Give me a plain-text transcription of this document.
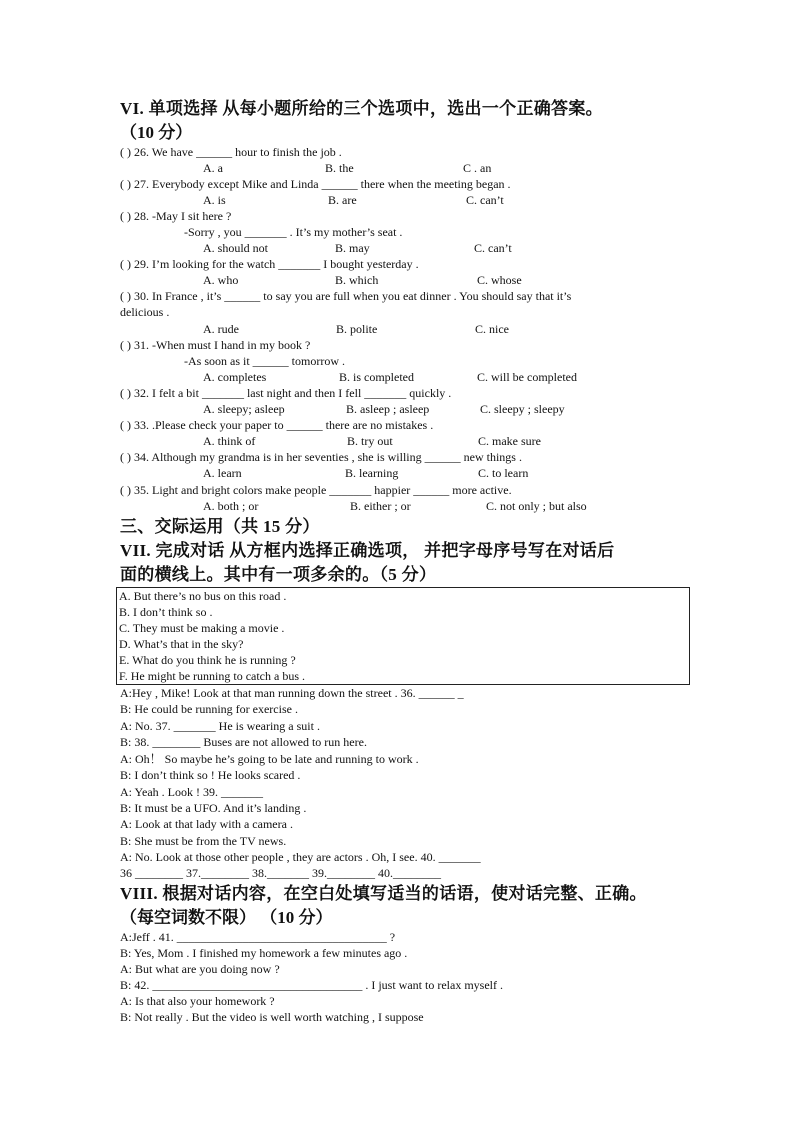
VI. 单项选择 从每小题所给的三个选项中，选出一个正确答案。
（10 分）
( ) 26. We have ______ hour to finish the job .
A. a	B. the	C . an
( ) 27. Everybody except Mike and Linda ______ there when the meeting began .
A. is	B. are	C. can’t
( ) 28. -May I sit here ?
-Sorry , you _______ . It’s my mother’s seat .
A. should not	B. may	C. can’t
( ) 29. I’m looking for the watch _______ I bought yesterday .
A. who	B. which	C. whose
( ) 30. In France , it’s ______ to say you are full when you eat dinner . You should say that it’s
delicious .
A. rude	B. polite	C. nice
( ) 31. -When must I hand in my book ?
-As soon as it ______ tomorrow .
A. completes	B. is completed	C. will be completed
( ) 32. I felt a bit _______ last night and then I fell _______ quickly .
A. sleepy; asleep	B. asleep ; asleep	C. sleepy ; sleepy
( ) 33. .Please check your paper to ______ there are no mistakes .
A. think of	B. try out	C. make sure
( ) 34. Although my grandma is in her seventies , she is willing ______ new things .
A. learn	B. learning	C. to learn
( ) 35. Light and bright colors make people _______ happier ______ more active.
A. both ; or	B. either ; or	C. not only ; but also
三、交际运用（共 15 分）
VII. 完成对话 从方框内选择正确选项， 并把字母序号写在对话后
面的横线上。其中有一项多余的。（5 分）
A. But there’s no bus on this road .
B. I don’t think so .
C. They must be making a movie .
D. What’s that in the sky?
E. What do you think he is running ?
F. He might be running to catch a bus .
A:Hey , Mike! Look at that man running down the street . 36. ______ _
B: He could be running for exercise .
A: No. 37. _______ He is wearing a suit .
B: 38. ________ Buses are not allowed to run here.
A: Oh！ So maybe he’s going to be late and running to work .
B: I don’t think so ! He looks scared .
A: Yeah . Look ! 39. _______
B: It must be a UFO. And it’s landing .
A: Look at that lady with a camera .
B: She must be from the TV news.
A: No. Look at those other people , they are actors . Oh, I see. 40. _______
36 ________ 37.________ 38._______ 39.________ 40.________
VIII. 根据对话内容，在空白处填写适当的话语，使对话完整、正确。
（每空词数不限） （10 分）
A:Jeff . 41. ___________________________________ ?
B: Yes, Mom . I finished my homework a few minutes ago .
A: But what are you doing now ?
B: 42. ___________________________________ . I just want to relax myself .
A: Is that also your homework ?
B: Not really . But the video is well worth watching , I suppose
